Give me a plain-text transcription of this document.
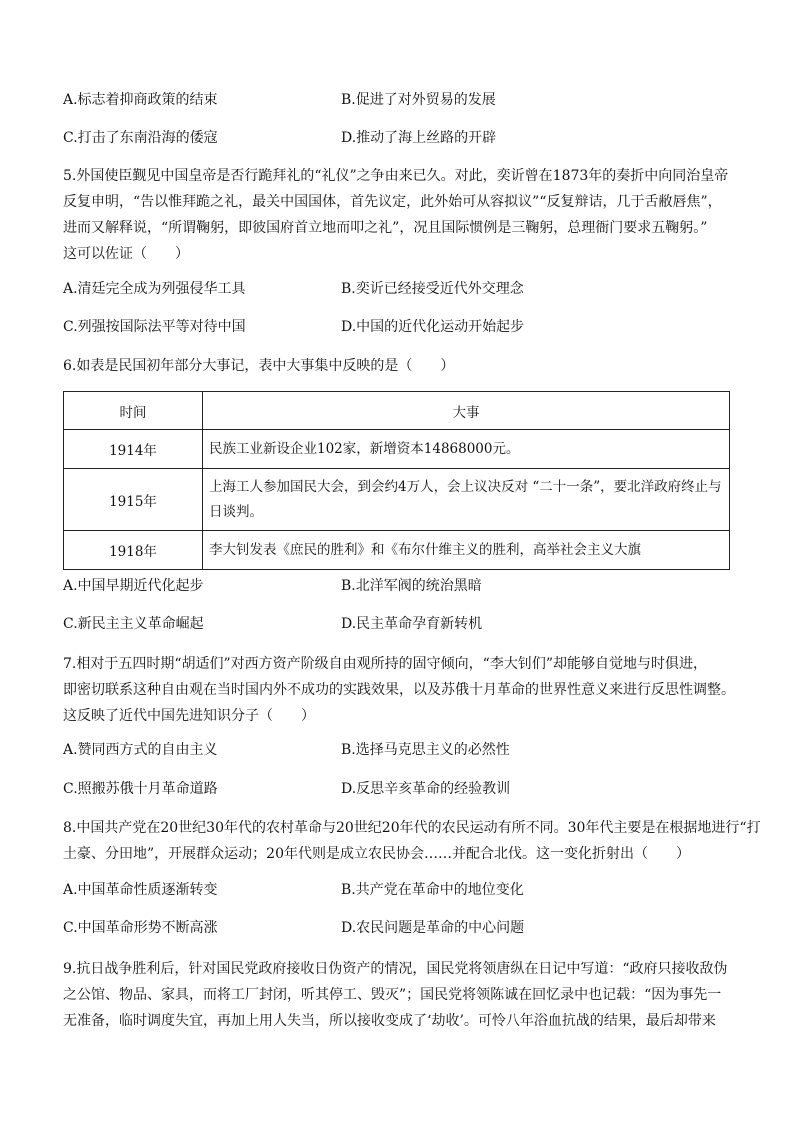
A.标志着抑商政策的结束	B.促进了对外贸易的发展
C.打击了东南沿海的倭寇	D.推动了海上丝路的开辟

5.外国使臣觐见中国皇帝是否行跪拜礼的“礼仪”之争由来已久。对此，奕䜣曾在1873年的奏折中向同治皇帝

反复申明，“告以惟拜跪之礼，最关中国国体，首先议定，此外始可从容拟议”“反复辩诘，几于舌敝唇焦”，

进而又解释说，“所谓鞠躬，即彼国府首立地而叩之礼”，况且国际惯例是三鞠躬，总理衙门要求五鞠躬。”

这可以佐证（　　）

A.清廷完全成为列强侵华工具	B.奕䜣已经接受近代外交理念
C.列强按国际法平等对待中国	D.中国的近代化运动开始起步
6.如表是民国初年部分大事记，表中大事集中反映的是（　　）
时间	大事
1914年	民族工业新设企业102家，新增资本14868000元。
1915年	上海工人参加国民大会，到会约4万人，会上议决反对 “二十一条”，要北洋政府终止与日谈判。
1918年	李大钊发表《庶民的胜利》和《布尔什维主义的胜利，高举社会主义大旗
A.中国早期近代化起步	B.北洋军阀的统治黑暗
C.新民主主义革命崛起	D.民主革命孕育新转机

7.相对于五四时期“胡适们”对西方资产阶级自由观所持的固守倾向，“李大钊们”却能够自觉地与时俱进，

即密切联系这种自由观在当时国内外不成功的实践效果，以及苏俄十月革命的世界性意义来进行反思性调整。

这反映了近代中国先进知识分子（　　）

A.赞同西方式的自由主义	B.选择马克思主义的必然性
C.照搬苏俄十月革命道路	D.反思辛亥革命的经验教训

8.中国共产党在20世纪30年代的农村革命与20世纪20年代的农民运动有所不同。30年代主要是在根据地进行“打

土豪、分田地”，开展群众运动；20年代则是成立农民协会……并配合北伐。这一变化折射出（　　）

A.中国革命性质逐渐转变	B.共产党在革命中的地位变化
C.中国革命形势不断高涨	D.农民问题是革命的中心问题

9.抗日战争胜利后，针对国民党政府接收日伪资产的情况，国民党将领唐纵在日记中写道：“政府只接收敌伪

之公馆、物品、家具，而将工厂封闭，听其停工、毁灭”；国民党将领陈诚在回忆录中也记载：“因为事先一

无准备，临时调度失宜，再加上用人失当，所以接收变成了‘劫收’。可怜八年浴血抗战的结果，最后却带来
